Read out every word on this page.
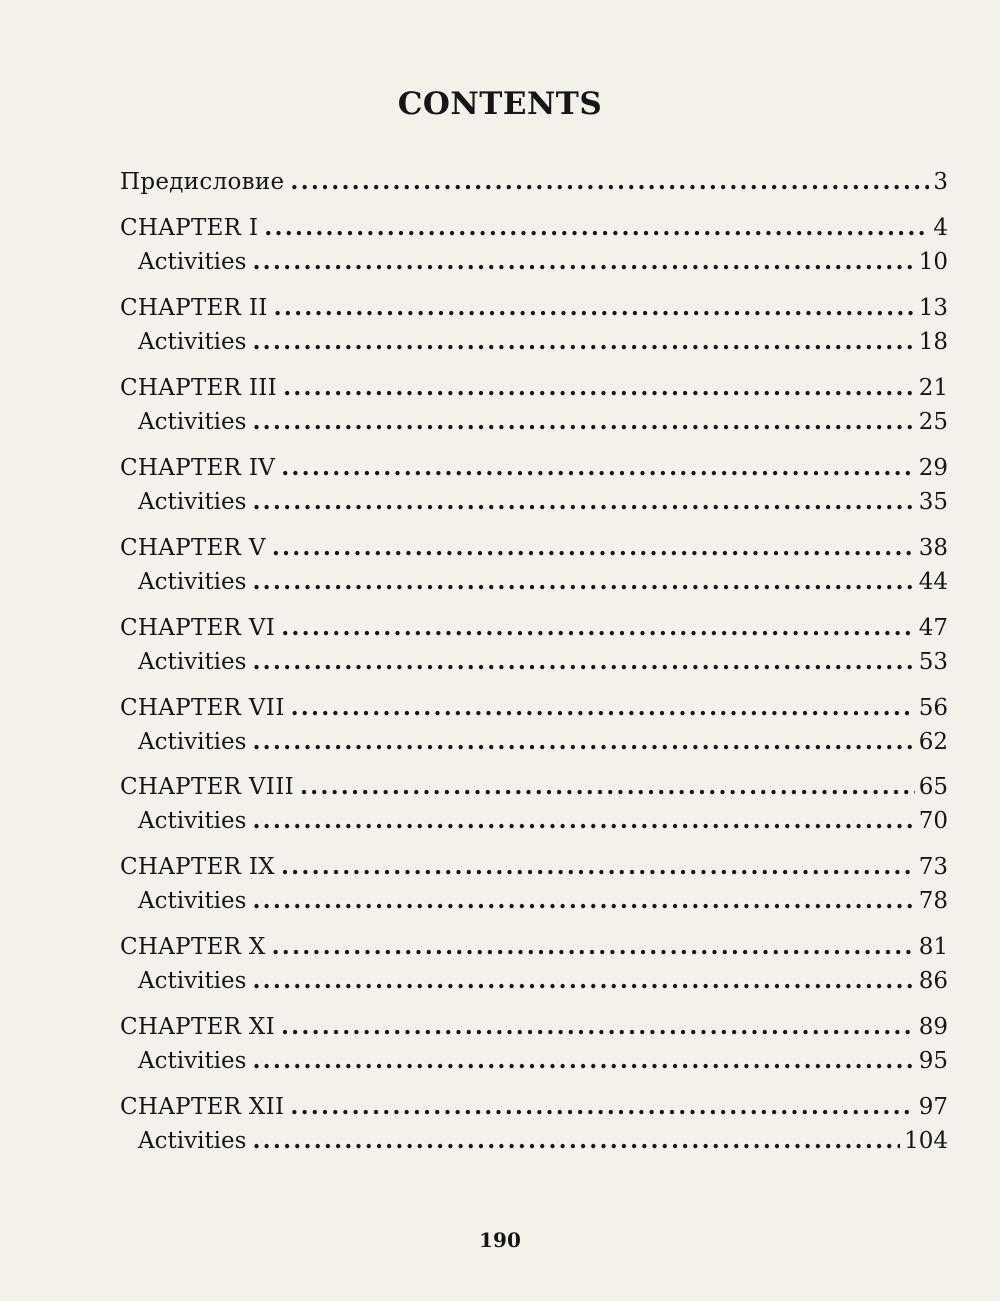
CONTENTS
Предисловие .....	3
CHAPTER I .....	4
Activities .....	10
CHAPTER II .....	13
Activities .....	18
CHAPTER III .....	21
Activities .....	25
CHAPTER IV .....	29
Activities .....	35
CHAPTER V .....	38
Activities .....	44
CHAPTER VI .....	47
Activities .....	53
CHAPTER VII .....	56
Activities .....	62
CHAPTER VIII .....	65
Activities .....	70
CHAPTER IX .....	73
Activities .....	78
CHAPTER X .....	81
Activities .....	86
CHAPTER XI .....	89
Activities .....	95
CHAPTER XII .....	97
Activities .....	104
190
